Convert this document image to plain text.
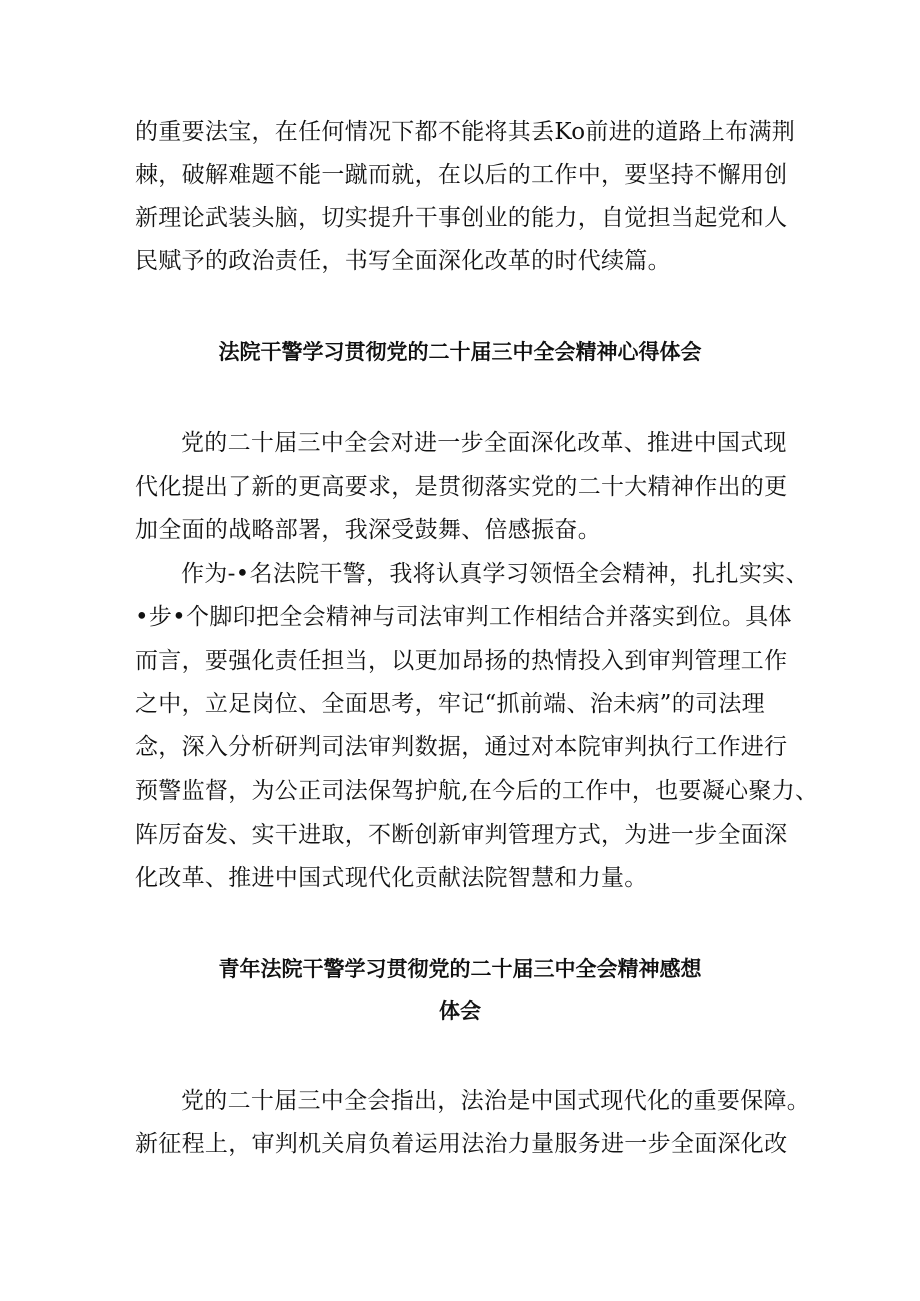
的重要法宝，在任何情况下都不能将其丢Ko前进的道路上布满荆
棘，破解难题不能一蹴而就，在以后的工作中，要坚持不懈用创
新理论武装头脑，切实提升干事创业的能力，自觉担当起党和人
民赋予的政治责任，书写全面深化改革的时代续篇。
法院干警学习贯彻党的二十届三中全会精神心得体会
党的二十届三中全会对进一步全面深化改革、推进中国式现
代化提出了新的更高要求，是贯彻落实党的二十大精神作出的更
加全面的战略部署，我深受鼓舞、倍感振奋。
作为-•名法院干警，我将认真学习领悟全会精神，扎扎实实、
•步•个脚印把全会精神与司法审判工作相结合并落实到位。具体
而言，要强化责任担当，以更加昂扬的热情投入到审判管理工作
之中，立足岗位、全面思考，牢记“抓前端、治未病”的司法理
念，深入分析研判司法审判数据，通过对本院审判执行工作进行
预警监督，为公正司法保驾护航,在今后的工作中，也要凝心聚力、
阵厉奋发、实干进取，不断创新审判管理方式，为进一步全面深
化改革、推进中国式现代化贡献法院智慧和力量。
青年法院干警学习贯彻党的二十届三中全会精神感想
体会
党的二十届三中全会指出，法治是中国式现代化的重要保障。
新征程上，审判机关肩负着运用法治力量服务进一步全面深化改
